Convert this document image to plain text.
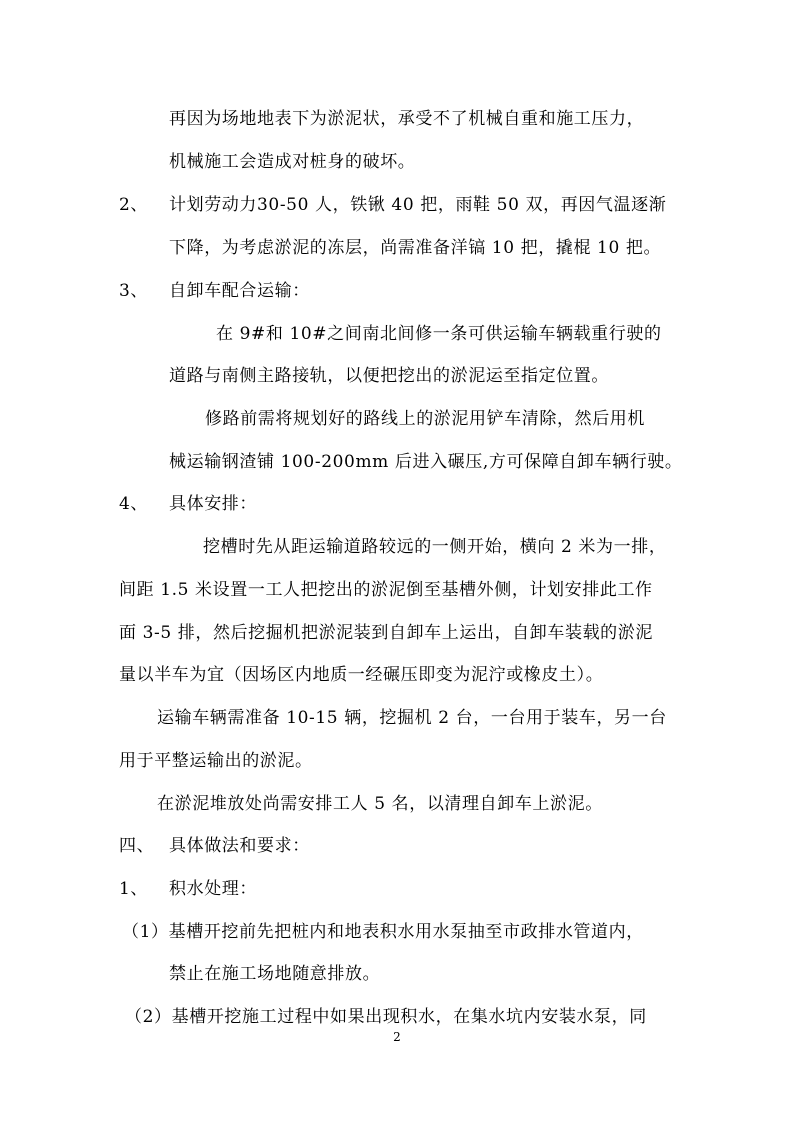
再因为场地地表下为淤泥状，承受不了机械自重和施工压力，
机械施工会造成对桩身的破坏。
2、 计划劳动力30-50 人，铁锹 40 把，雨鞋 50 双，再因气温逐渐
下降，为考虑淤泥的冻层，尚需准备洋镐 10 把，撬棍 10 把。
3、 自卸车配合运输：
在 9#和 10#之间南北间修一条可供运输车辆载重行驶的
道路与南侧主路接轨，以便把挖出的淤泥运至指定位置。
修路前需将规划好的路线上的淤泥用铲车清除，然后用机
械运输钢渣铺 100-200mm 后进入碾压,方可保障自卸车辆行驶。
4、 具体安排：
挖槽时先从距运输道路较远的一侧开始，横向 2 米为一排，
间距 1.5 米设置一工人把挖出的淤泥倒至基槽外侧，计划安排此工作
面 3-5 排，然后挖掘机把淤泥装到自卸车上运出，自卸车装载的淤泥
量以半车为宜（因场区内地质一经碾压即变为泥泞或橡皮土）。
运输车辆需准备 10-15 辆，挖掘机 2 台，一台用于装车，另一台
用于平整运输出的淤泥。
在淤泥堆放处尚需安排工人 5 名，以清理自卸车上淤泥。
四、 具体做法和要求：
1、 积水处理：
（1）基槽开挖前先把桩内和地表积水用水泵抽至市政排水管道内，
禁止在施工场地随意排放。
（2）基槽开挖施工过程中如果出现积水，在集水坑内安装水泵，同
2
